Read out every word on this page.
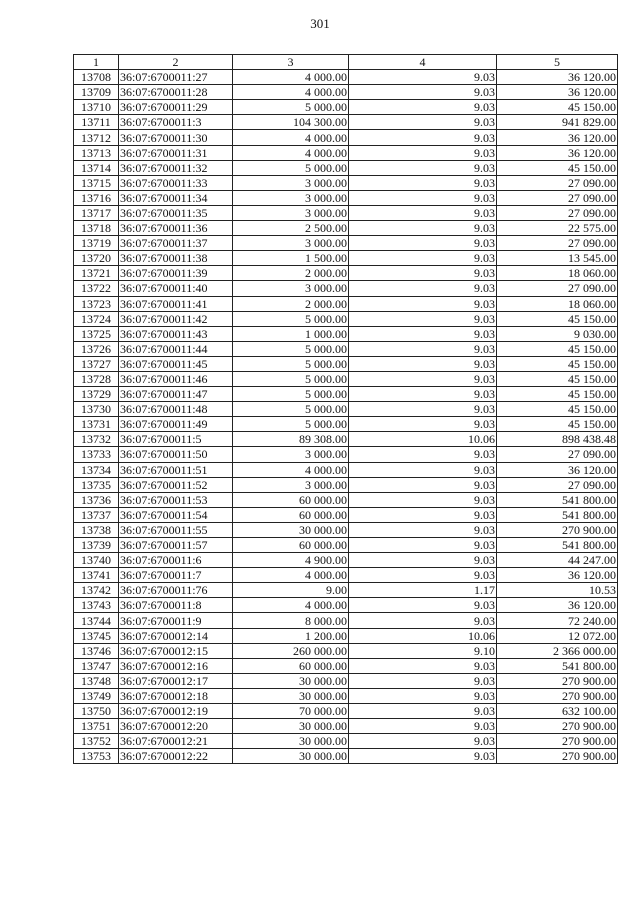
301
1	2	3	4	5
13708	36:07:6700011:27	4 000.00	9.03	36 120.00
13709	36:07:6700011:28	4 000.00	9.03	36 120.00
13710	36:07:6700011:29	5 000.00	9.03	45 150.00
13711	36:07:6700011:3	104 300.00	9.03	941 829.00
13712	36:07:6700011:30	4 000.00	9.03	36 120.00
13713	36:07:6700011:31	4 000.00	9.03	36 120.00
13714	36:07:6700011:32	5 000.00	9.03	45 150.00
13715	36:07:6700011:33	3 000.00	9.03	27 090.00
13716	36:07:6700011:34	3 000.00	9.03	27 090.00
13717	36:07:6700011:35	3 000.00	9.03	27 090.00
13718	36:07:6700011:36	2 500.00	9.03	22 575.00
13719	36:07:6700011:37	3 000.00	9.03	27 090.00
13720	36:07:6700011:38	1 500.00	9.03	13 545.00
13721	36:07:6700011:39	2 000.00	9.03	18 060.00
13722	36:07:6700011:40	3 000.00	9.03	27 090.00
13723	36:07:6700011:41	2 000.00	9.03	18 060.00
13724	36:07:6700011:42	5 000.00	9.03	45 150.00
13725	36:07:6700011:43	1 000.00	9.03	9 030.00
13726	36:07:6700011:44	5 000.00	9.03	45 150.00
13727	36:07:6700011:45	5 000.00	9.03	45 150.00
13728	36:07:6700011:46	5 000.00	9.03	45 150.00
13729	36:07:6700011:47	5 000.00	9.03	45 150.00
13730	36:07:6700011:48	5 000.00	9.03	45 150.00
13731	36:07:6700011:49	5 000.00	9.03	45 150.00
13732	36:07:6700011:5	89 308.00	10.06	898 438.48
13733	36:07:6700011:50	3 000.00	9.03	27 090.00
13734	36:07:6700011:51	4 000.00	9.03	36 120.00
13735	36:07:6700011:52	3 000.00	9.03	27 090.00
13736	36:07:6700011:53	60 000.00	9.03	541 800.00
13737	36:07:6700011:54	60 000.00	9.03	541 800.00
13738	36:07:6700011:55	30 000.00	9.03	270 900.00
13739	36:07:6700011:57	60 000.00	9.03	541 800.00
13740	36:07:6700011:6	4 900.00	9.03	44 247.00
13741	36:07:6700011:7	4 000.00	9.03	36 120.00
13742	36:07:6700011:76	9.00	1.17	10.53
13743	36:07:6700011:8	4 000.00	9.03	36 120.00
13744	36:07:6700011:9	8 000.00	9.03	72 240.00
13745	36:07:6700012:14	1 200.00	10.06	12 072.00
13746	36:07:6700012:15	260 000.00	9.10	2 366 000.00
13747	36:07:6700012:16	60 000.00	9.03	541 800.00
13748	36:07:6700012:17	30 000.00	9.03	270 900.00
13749	36:07:6700012:18	30 000.00	9.03	270 900.00
13750	36:07:6700012:19	70 000.00	9.03	632 100.00
13751	36:07:6700012:20	30 000.00	9.03	270 900.00
13752	36:07:6700012:21	30 000.00	9.03	270 900.00
13753	36:07:6700012:22	30 000.00	9.03	270 900.00
